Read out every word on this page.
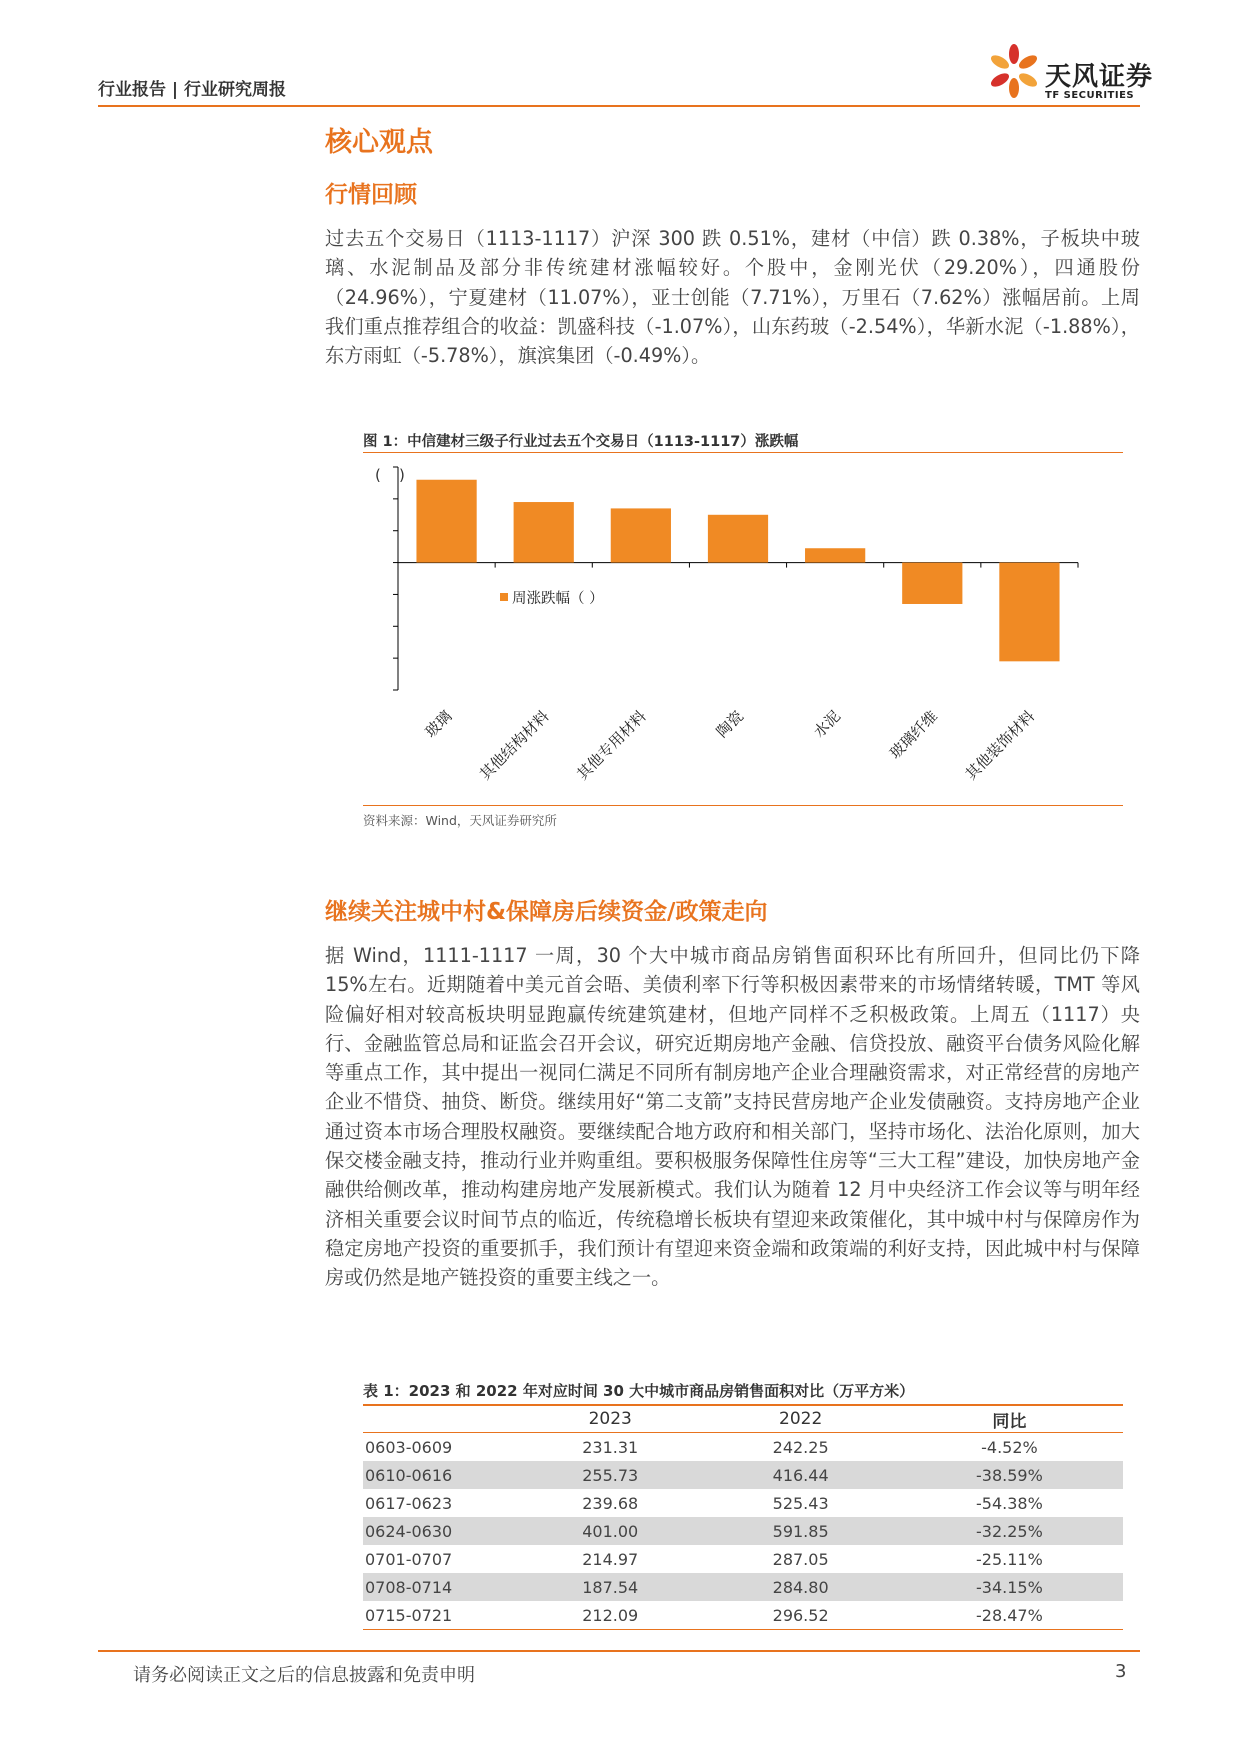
行业报告 | 行业研究周报	天风证券
TF SECURITIES
核心观点
行情回顾

过去五个交易日（1113-1117）沪深 300 跌 0.51%，建材（中信）跌 0.38%，子板块中玻璃、水泥制品及部分非传统建材涨幅较好。个股中，金刚光伏（29.20%），四通股份（24.96%），宁夏建材（11.07%），亚士创能（7.71%），万里石（7.62%）涨幅居前。上周我们重点推荐组合的收益：凯盛科技（-1.07%），山东药玻（-2.54%），华新水泥（-1.88%），东方雨虹（-5.78%），旗滨集团（-0.49%）。

图 1：中信建材三级子行业过去五个交易日（1113-1117）涨跌幅
( )
玻璃 其他结构材料 其他专用材料	陶瓷	水泥	玻璃纤维 其他装饰材料
周涨跌幅（ ）
资料来源：Wind，天风证券研究所
继续关注城中村&保障房后续资金/政策走向

据 Wind，1111-1117 一周，30 个大中城市商品房销售面积环比有所回升，但同比仍下降 15%左右。近期随着中美元首会晤、美债利率下行等积极因素带来的市场情绪转暖，TMT 等风险偏好相对较高板块明显跑赢传统建筑建材，但地产同样不乏积极政策。上周五（1117）央行、金融监管总局和证监会召开会议，研究近期房地产金融、信贷投放、融资平台债务风险化解等重点工作，其中提出一视同仁满足不同所有制房地产企业合理融资需求，对正常经营的房地产企业不惜贷、抽贷、断贷。继续用好“第二支箭”支持民营房地产企业发债融资。支持房地产企业通过资本市场合理股权融资。要继续配合地方政府和相关部门，坚持市场化、法治化原则，加大保交楼金融支持，推动行业并购重组。要积极服务保障性住房等“三大工程”建设，加快房地产金融供给侧改革，推动构建房地产发展新模式。我们认为随着 12 月中央经济工作会议等与明年经济相关重要会议时间节点的临近，传统稳增长板块有望迎来政策催化，其中城中村与保障房作为稳定房地产投资的重要抓手，我们预计有望迎来资金端和政策端的利好支持，因此城中村与保障房或仍然是地产链投资的重要主线之一。

表 1：2023 和 2022 年对应时间 30 大中城市商品房销售面积对比（万平方米）
	2023	2022	同比
0603-0609	231.31	242.25	-4.52%
0610-0616	255.73	416.44	-38.59%
0617-0623	239.68	525.43	-54.38%
0624-0630	401.00	591.85	-32.25%
0701-0707	214.97	287.05	-25.11%
0708-0714	187.54	284.80	-34.15%
0715-0721	212.09	296.52	-28.47%
请务必阅读正文之后的信息披露和免责申明	3
